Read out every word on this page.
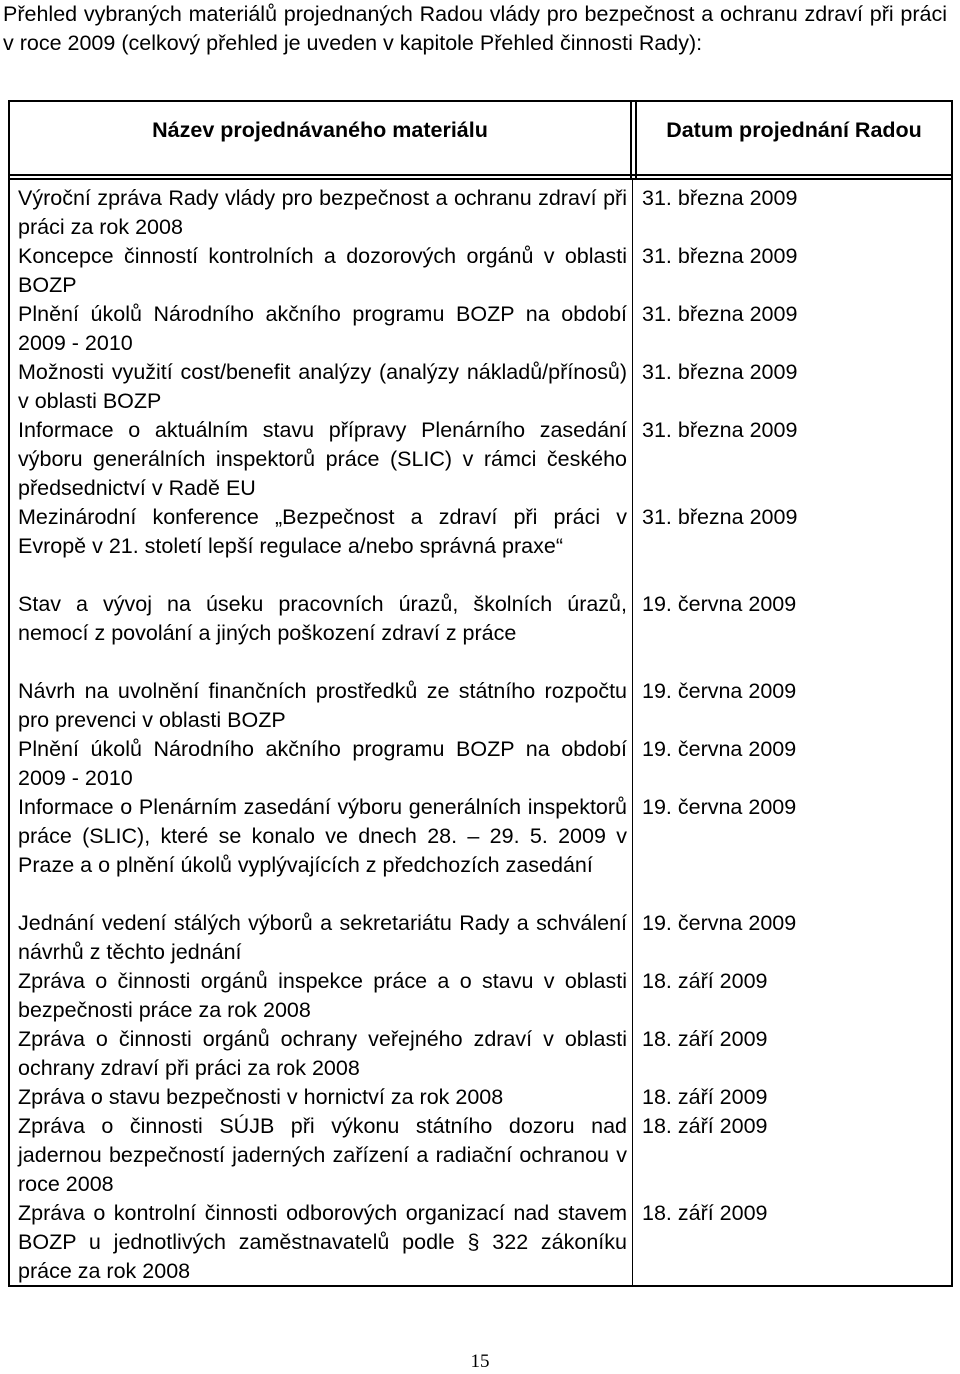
Přehled vybraných materiálů projednaných Radou vlády pro bezpečnost a ochranu zdraví při práci v roce 2009 (celkový přehled je uveden v kapitole Přehled činnosti Rady):
Název projednávaného materiálu	Datum projednání Radou
Výroční zpráva Rady vlády pro bezpečnost a ochranu zdraví při práci za rok 2008
31. března 2009
Koncepce činností kontrolních a dozorových orgánů v oblasti BOZP
31. března 2009
Plnění úkolů Národního akčního programu BOZP na období 2009 - 2010
31. března 2009
Možnosti využití cost/benefit analýzy (analýzy nákladů/přínosů) v oblasti BOZP
31. března 2009
Informace o aktuálním stavu přípravy Plenárního zasedání výboru generálních inspektorů práce (SLIC) v rámci českého předsednictví v Radě EU
31. března 2009
Mezinárodní konference „Bezpečnost a zdraví při práci v Evropě v 21. století lepší regulace a/nebo správná praxe“
31. března 2009
Stav a vývoj na úseku pracovních úrazů, školních úrazů, nemocí z povolání a jiných poškození zdraví z práce
19. června 2009
Návrh na uvolnění finančních prostředků ze státního rozpočtu pro prevenci v oblasti BOZP
19. června 2009
Plnění úkolů Národního akčního programu BOZP na období 2009 - 2010
19. června 2009
Informace o Plenárním zasedání výboru generálních inspektorů práce (SLIC), které se konalo ve dnech 28. – 29. 5. 2009 v Praze a o plnění úkolů vyplývajících z předchozích zasedání
19. června 2009
Jednání vedení stálých výborů a sekretariátu Rady a schválení návrhů z těchto jednání
19. června 2009
Zpráva o činnosti orgánů inspekce práce a o stavu v oblasti bezpečnosti práce za rok 2008
18. září 2009
Zpráva o činnosti orgánů ochrany veřejného zdraví v oblasti ochrany zdraví při práci za rok 2008
18. září 2009
Zpráva o stavu bezpečnosti v hornictví za rok 2008	18. září 2009
Zpráva o činnosti SÚJB při výkonu státního dozoru nad jadernou bezpečností jaderných zařízení a radiační ochranou v roce 2008
18. září 2009
Zpráva o kontrolní činnosti odborových organizací nad stavem BOZP u jednotlivých zaměstnavatelů podle § 322 zákoníku práce za rok 2008
18. září 2009
15
